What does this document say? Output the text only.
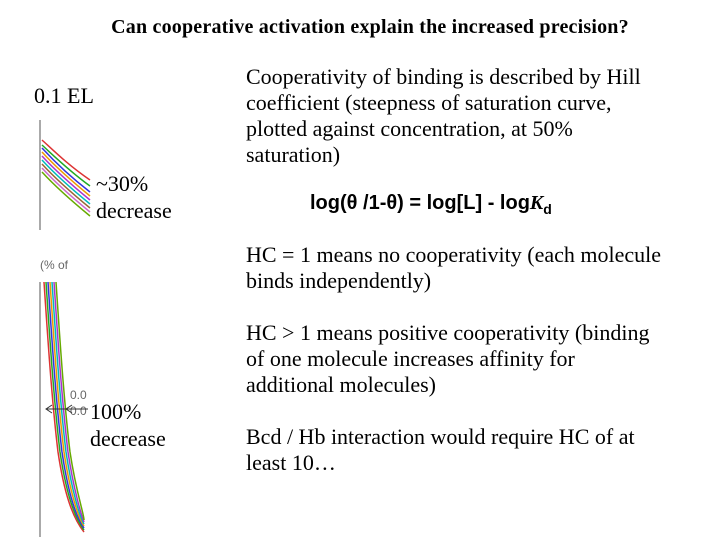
Can cooperative activation explain the increased precision?
0.1 EL
~30%
decrease
(% of
0.0
0.0 100%
decrease
Cooperativity of binding is described by Hill coefficient (steepness of saturation curve, plotted against concentration, at 50% saturation)
log(θ /1-θ) = log[L] - logK$_d$
HC = 1 means no cooperativity (each molecule binds independently)
HC > 1 means positive cooperativity (binding of one molecule increases affinity for additional molecules)
Bcd / Hb interaction would require HC of at least 10…
